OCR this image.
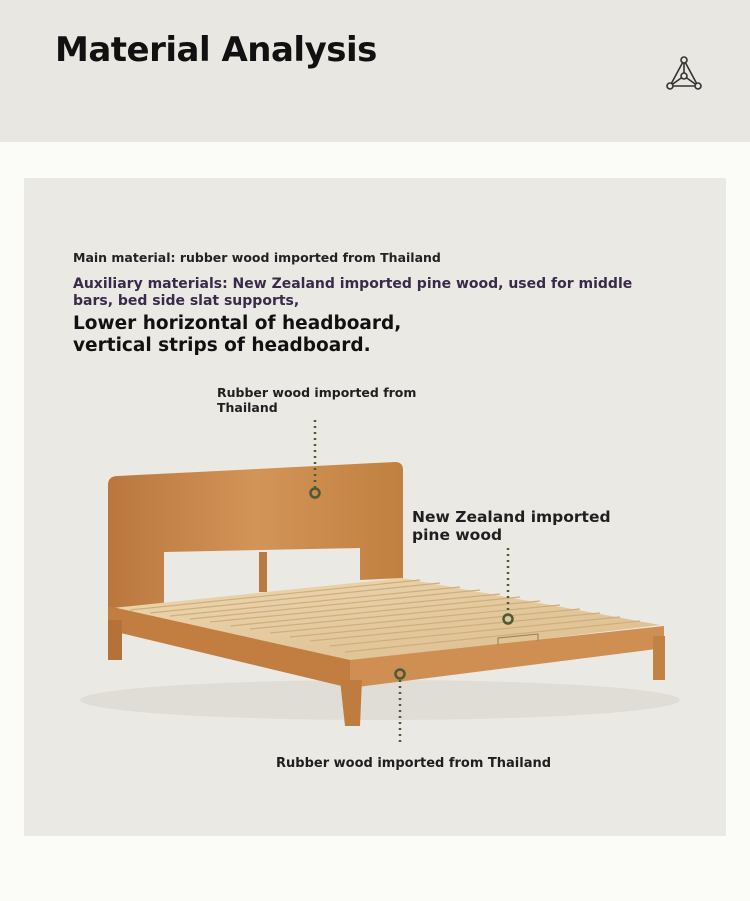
Material Analysis
Main material: rubber wood imported from Thailand
Auxiliary materials: New Zealand imported pine wood, used for middle bars, bed side slat supports,
Lower horizontal of headboard, vertical strips of headboard.
Rubber wood imported from Thailand
New Zealand imported pine wood
Rubber wood imported from Thailand
